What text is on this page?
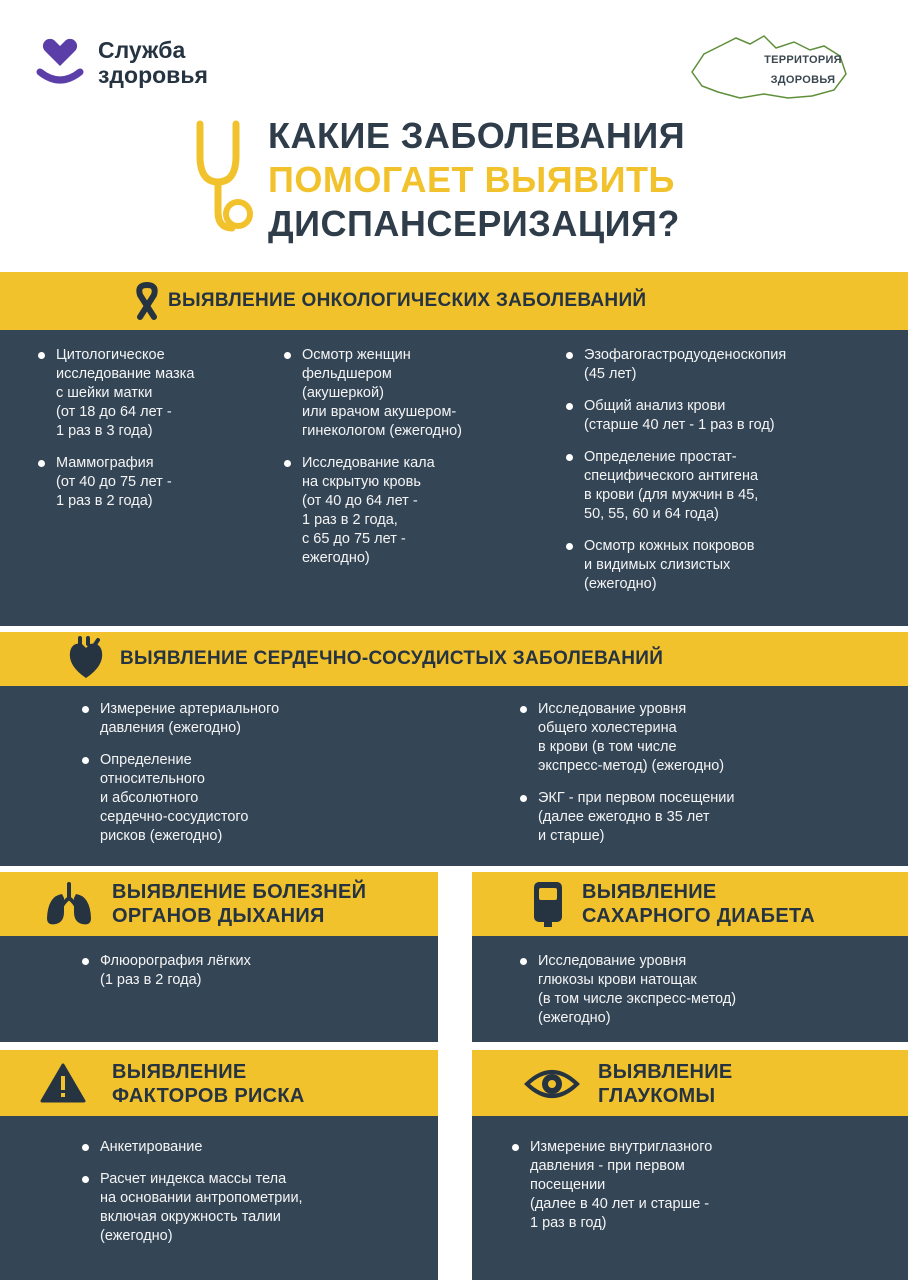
Служба
здоровья
ТЕРРИТОРИЯ
ЗДОРОВЬЯ
КАКИЕ ЗАБОЛЕВАНИЯ
ПОМОГАЕТ ВЫЯВИТЬ
ДИСПАНСЕРИЗАЦИЯ?
ВЫЯВЛЕНИЕ ОНКОЛОГИЧЕСКИХ ЗАБОЛЕВАНИЙ
Цитологическое
исследование мазка
с шейки матки
(от 18 до 64 лет -
1 раз в 3 года)
Маммография
(от 40 до 75 лет -
1 раз в 2 года)
Осмотр женщин
фельдшером
(акушеркой)
или врачом акушером-
гинекологом (ежегодно)
Исследование кала
на скрытую кровь
(от 40 до 64 лет -
1 раз в 2 года,
с 65 до 75 лет -
ежегодно)
Эзофагогастродуоденоскопия
(45 лет)
Общий анализ крови
(старше 40 лет - 1 раз в год)
Определение простат-
специфического антигена
в крови (для мужчин в 45,
50, 55, 60 и 64 года)
Осмотр кожных покровов
и видимых слизистых
(ежегодно)
ВЫЯВЛЕНИЕ СЕРДЕЧНО-СОСУДИСТЫХ ЗАБОЛЕВАНИЙ
Измерение артериального
давления (ежегодно)
Определение
относительного
и абсолютного
сердечно-сосудистого
рисков (ежегодно)
Исследование уровня
общего холестерина
в крови (в том числе
экспресс-метод) (ежегодно)
ЭКГ - при первом посещении
(далее ежегодно в 35 лет
и старше)
ВЫЯВЛЕНИЕ БОЛЕЗНЕЙ
ОРГАНОВ ДЫХАНИЯ
Флюорография лёгких
(1 раз в 2 года)
ВЫЯВЛЕНИЕ
САХАРНОГО ДИАБЕТА
Исследование уровня
глюкозы крови натощак
(в том числе экспресс-метод)
(ежегодно)
ВЫЯВЛЕНИЕ
ФАКТОРОВ РИСКА
Анкетирование
Расчет индекса массы тела
на основании антропометрии,
включая окружность талии
(ежегодно)
ВЫЯВЛЕНИЕ
ГЛАУКОМЫ
Измерение внутриглазного
давления - при первом
посещении
(далее в 40 лет и старше -
1 раз в год)
